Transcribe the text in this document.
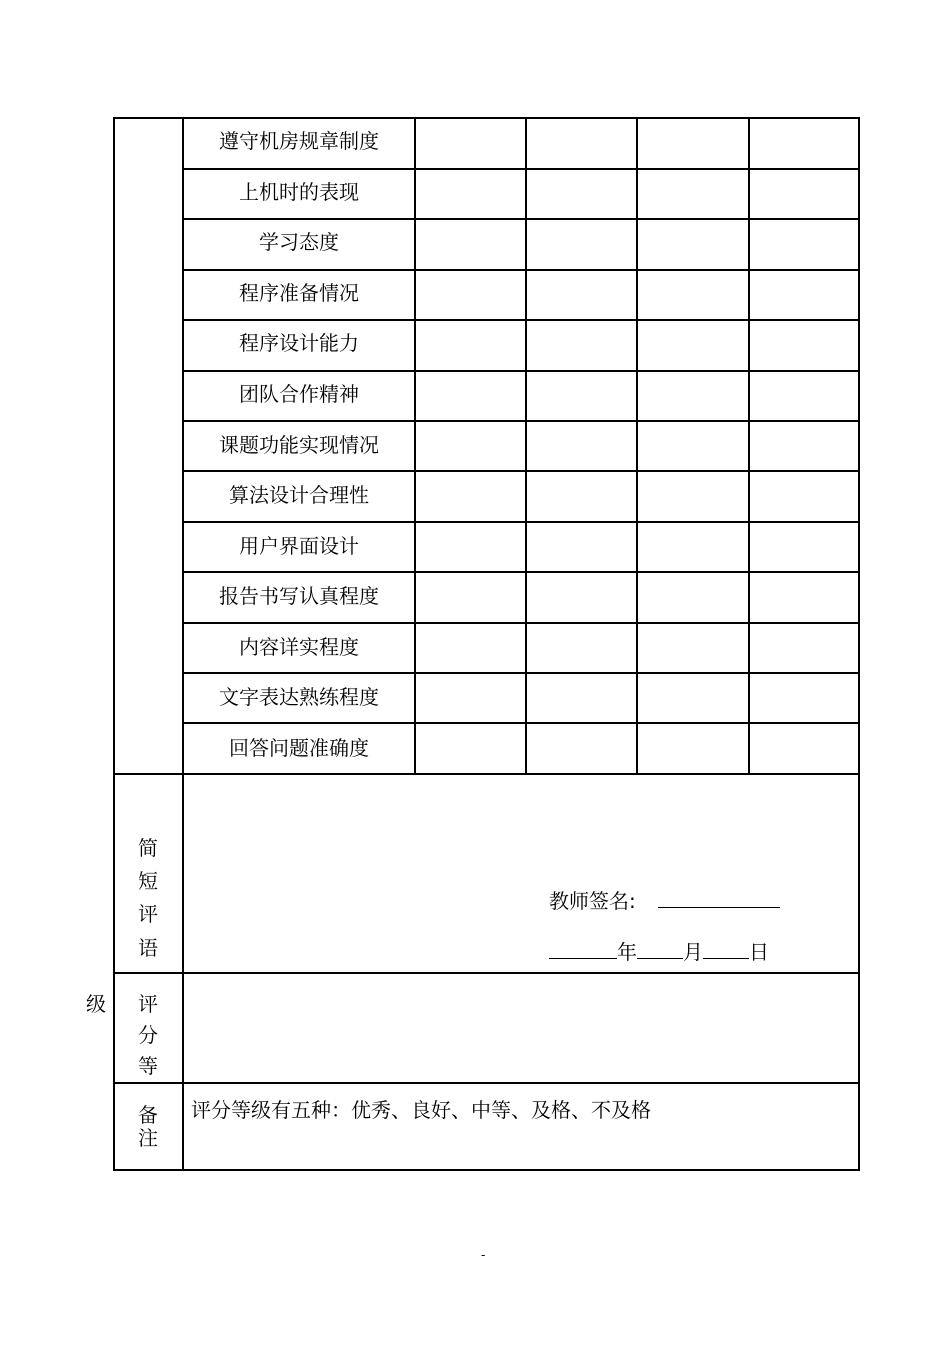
遵守机房规章制度
上机时的表现
学习态度
程序准备情况
程序设计能力
团队合作精神
课题功能实现情况
算法设计合理性
用户界面设计
报告书写认真程度
内容详实程度
文字表达熟练程度
回答问题准确度
简
短
评
语
教师签名:
年 月 日
级 评
分
等
备
注
评分等级有五种：优秀、良好、中等、及格、不及格
-
